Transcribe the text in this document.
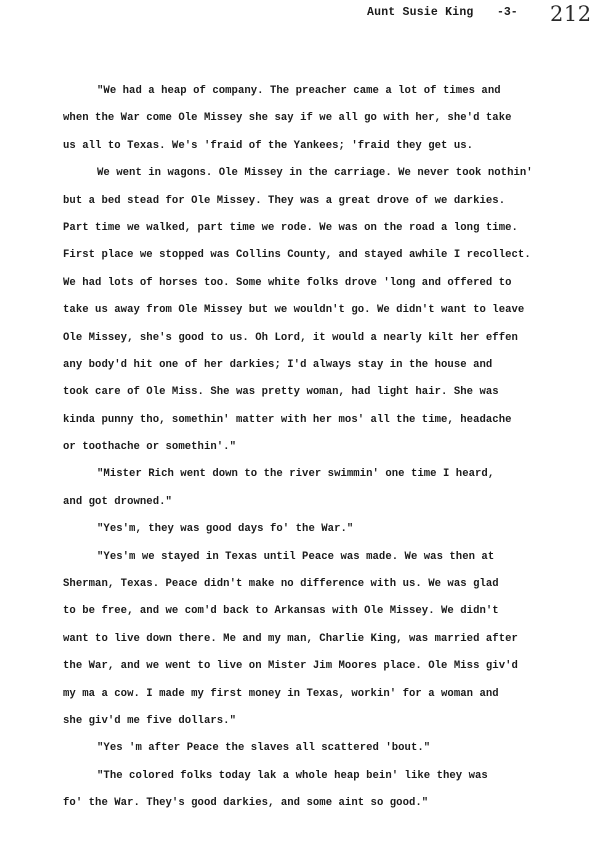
Aunt Susie King -3- 212
"We had a heap of company. The preacher came a lot of times and
when the War come Ole Missey she say if we all go with her, she'd take
us all to Texas. We's 'fraid of the Yankees; 'fraid they get us.
We went in wagons. Ole Missey in the carriage. We never took nothin'
but a bed stead for Ole Missey. They was a great drove of we darkies.
Part time we walked, part time we rode. We was on the road a long time.
First place we stopped was Collins County, and stayed awhile I recollect.
We had lots of horses too. Some white folks drove 'long and offered to
take us away from Ole Missey but we wouldn't go. We didn't want to leave
Ole Missey, she's good to us. Oh Lord, it would a nearly kilt her effen
any body'd hit one of her darkies; I'd always stay in the house and
took care of Ole Miss. She was pretty woman, had light hair. She was
kinda punny tho, somethin' matter with her mos' all the time, headache
or toothache or somethin'."
"Mister Rich went down to the river swimmin' one time I heard,
and got drowned."
"Yes'm, they was good days fo' the War."
"Yes'm we stayed in Texas until Peace was made. We was then at
Sherman, Texas. Peace didn't make no difference with us. We was glad
to be free, and we com'd back to Arkansas with Ole Missey. We didn't
want to live down there. Me and my man, Charlie King, was married after
the War, and we went to live on Mister Jim Moores place. Ole Miss giv'd
my ma a cow. I made my first money in Texas, workin' for a woman and
she giv'd me five dollars."
"Yes 'm after Peace the slaves all scattered 'bout."
"The colored folks today lak a whole heap bein' like they was
fo' the War. They's good darkies, and some aint so good."
